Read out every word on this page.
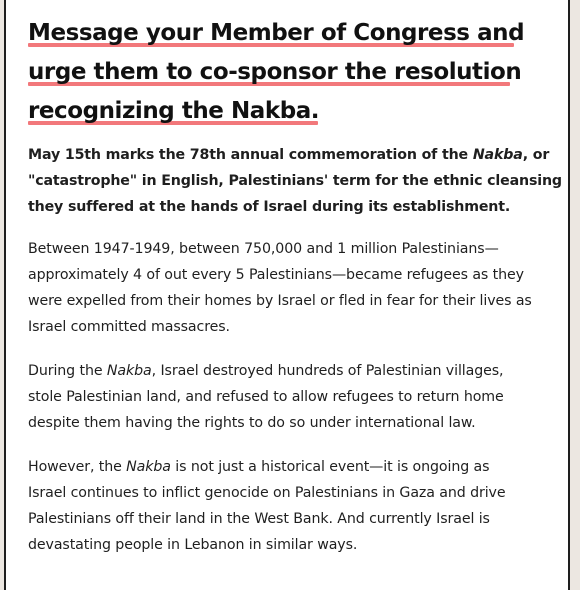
Message your Member of Congress and
urge them to co-sponsor the resolution
recognizing the Nakba.

May 15th marks the 78th annual commemoration of the Nakba, or
"catastrophe" in English, Palestinians' term for the ethnic cleansing
they suffered at the hands of Israel during its establishment.

Between 1947-1949, between 750,000 and 1 million Palestinians—
approximately 4 of out every 5 Palestinians—became refugees as they
were expelled from their homes by Israel or fled in fear for their lives as
Israel committed massacres.

During the Nakba, Israel destroyed hundreds of Palestinian villages,
stole Palestinian land, and refused to allow refugees to return home
despite them having the rights to do so under international law.

However, the Nakba is not just a historical event—it is ongoing as
Israel continues to inflict genocide on Palestinians in Gaza and drive
Palestinians off their land in the West Bank. And currently Israel is
devastating people in Lebanon in similar ways.
